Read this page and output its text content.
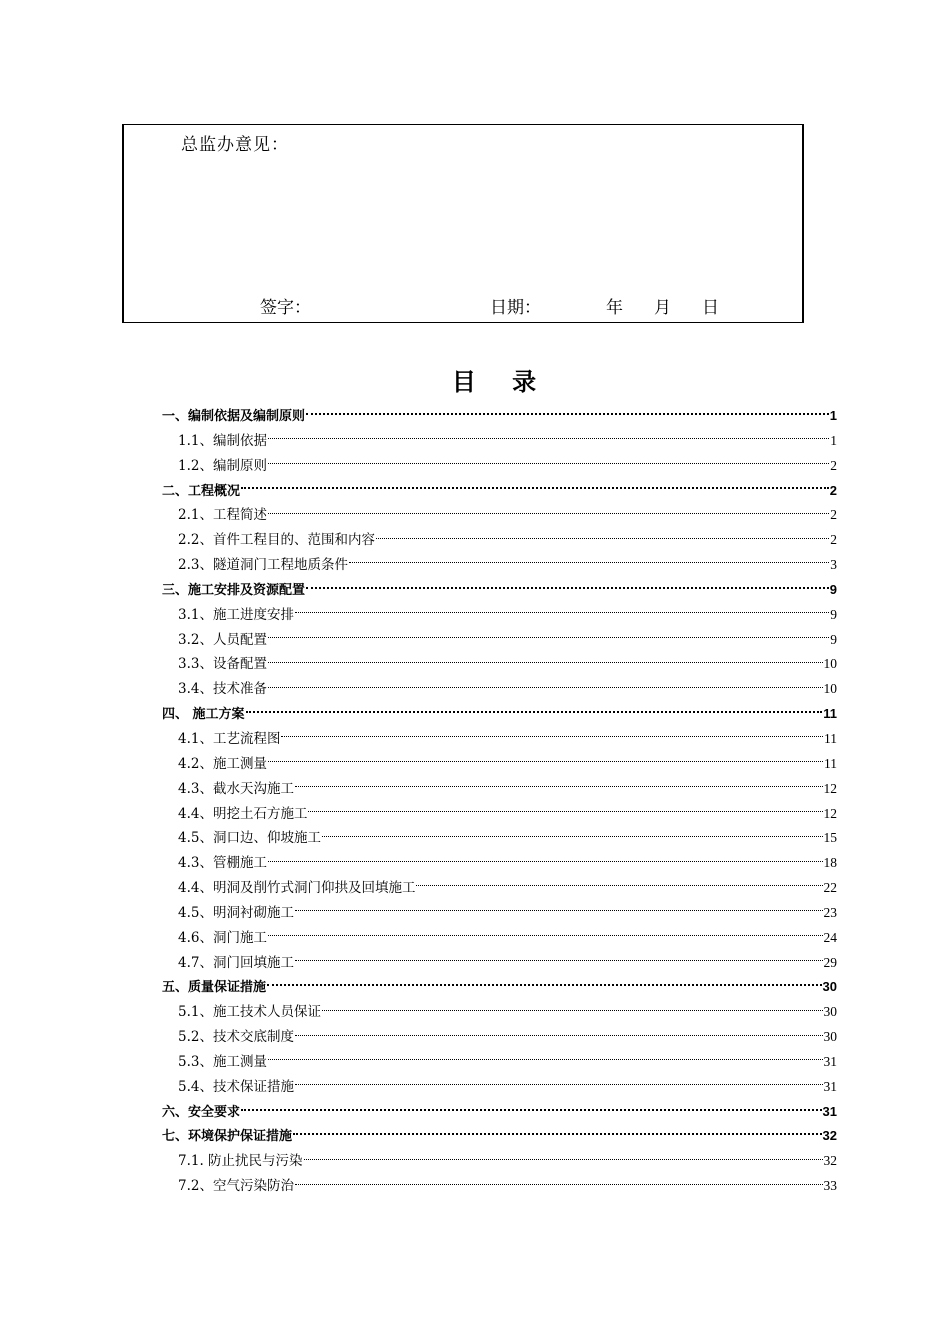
总监办意见：
签字：	日期：	年 月 日
目 录
一、编制依据及编制原则	1
1.1、编制依据	1
1.2、编制原则	2
二、工程概况	2
2.1、工程简述	2
2.2、首件工程目的、范围和内容	2
2.3、隧道洞门工程地质条件	3
三、施工安排及资源配置	9
3.1、施工进度安排	9
3.2、人员配置	9
3.3、设备配置	10
3.4、技术准备	10
四、 施工方案	11
4.1、工艺流程图	11
4.2、施工测量	11
4.3、截水天沟施工	12
4.4、明挖土石方施工	12
4.5、洞口边、仰坡施工	15
4.3、管棚施工	18
4.4、明洞及削竹式洞门仰拱及回填施工	22
4.5、明洞衬砌施工	23
4.6、洞门施工	24
4.7、洞门回填施工	29
五、质量保证措施	30
5.1、施工技术人员保证	30
5.2、技术交底制度	30
5.3、施工测量	31
5.4、技术保证措施	31
六、安全要求	31
七、环境保护保证措施	32
7.1. 防止扰民与污染	32
7.2、空气污染防治	33
